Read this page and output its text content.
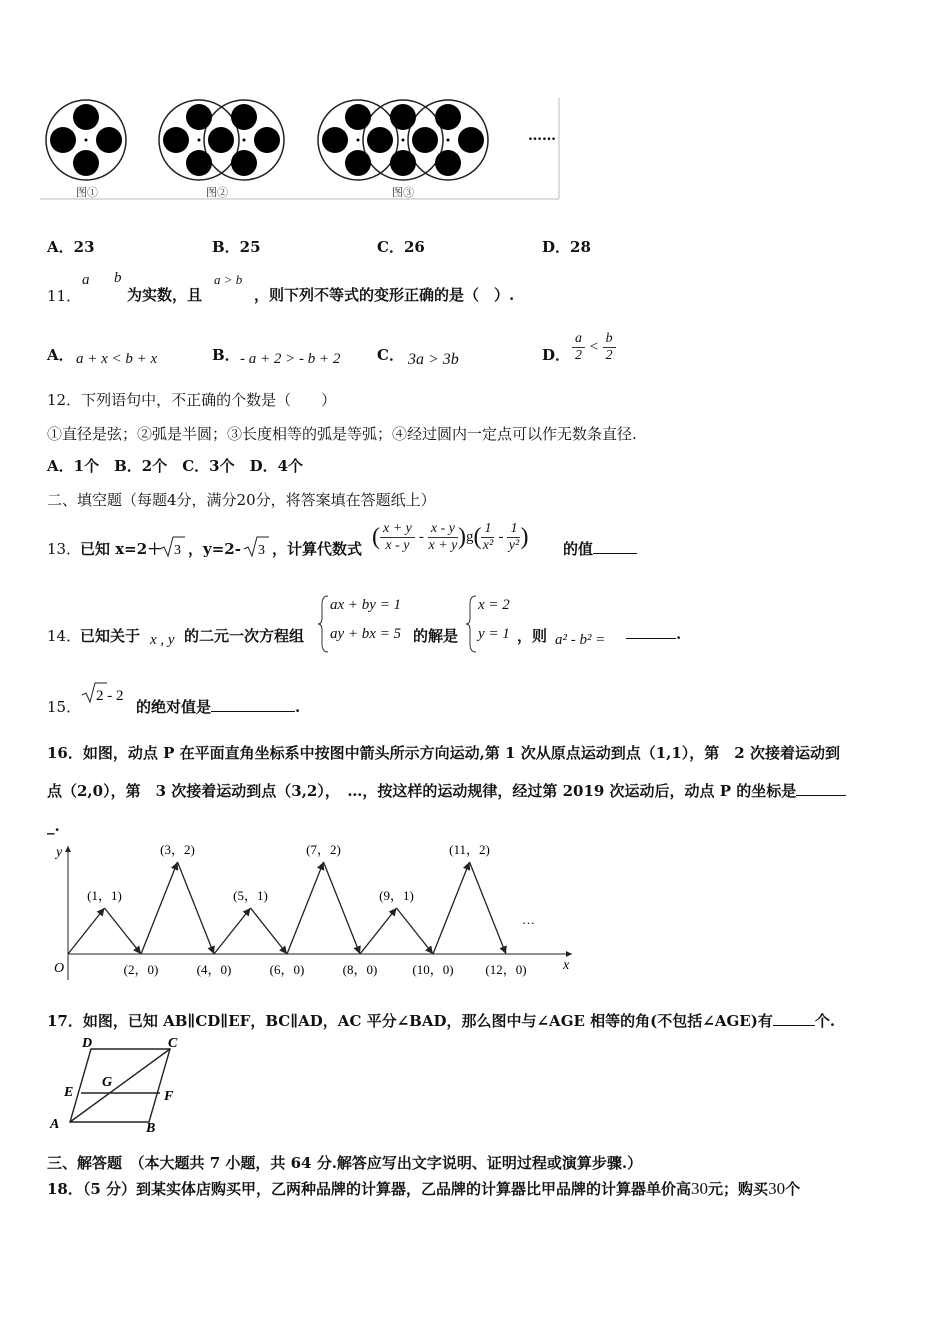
图①	图②	图③
……
A．23	B．25	C．26	D．28
11．
a b
为实数，且
a > b
，则下列不等式的变形正确的是（　）.
A． a + x < b + x	B． - a + 2 > - b + 2 C． 3a > 3b	D． $\frac{a}{2} < \frac{b}{2}$
12．下列语句中，不正确的个数是（　　）
①直径是弦；②弧是半圆；③长度相等的弧是等弧；④经过圆内一定点可以作无数条直径.
A．1个　B．2个　C．3个　D．4个
二、填空题（每题4分，满分20分，将答案填在答题纸上）
13．
已知 x=2＋ 3 ，y=2- 3 ，计算代数式 ( $\frac{x + y}{x - y} - \frac{x - y}{x + y}$ ) g ( $\frac{1}{\text{x²}} - \frac{1}{\text{y²}}$ ) 的值
14．
已知关于 x , y 的二元一次方程组
ax + by = 1
ay + bx = 5 的解是
x = 2
y = 1 ，则 a² - b² =	.
15．
2 - 2
的绝对值是	.
16．如图，动点 P 在平面直角坐标系中按图中箭头所示方向运动,第 1 次从原点运动到点（1,1），第　2 次接着运动到
点（2,0），第　3 次接着运动到点（3,2），　…，按这样的运动规律，经过第 2019 次运动后，动点 P 的坐标是
_.
x
y
O
…
(1，1)
(2，0)
(3，2)
(4，0)
(5，1)
(6，0)
(7，2)
(8，0)
(9，1)
(10，0)
(11，2)
(12，0)
17．如图，已知 AB∥CD∥EF，BC∥AD，AC 平分∠BAD，那么图中与∠AGE 相等的角(不包括∠AGE)有	个.
D	C
E
G
F
A	B
三、解答题　（本大题共 7 小题，共 64 分.解答应写出文字说明、证明过程或演算步骤.）
18．（5 分）到某实体店购买甲，乙两种品牌的计算器，乙品牌的计算器比甲品牌的计算器单价高30元；购买30个
